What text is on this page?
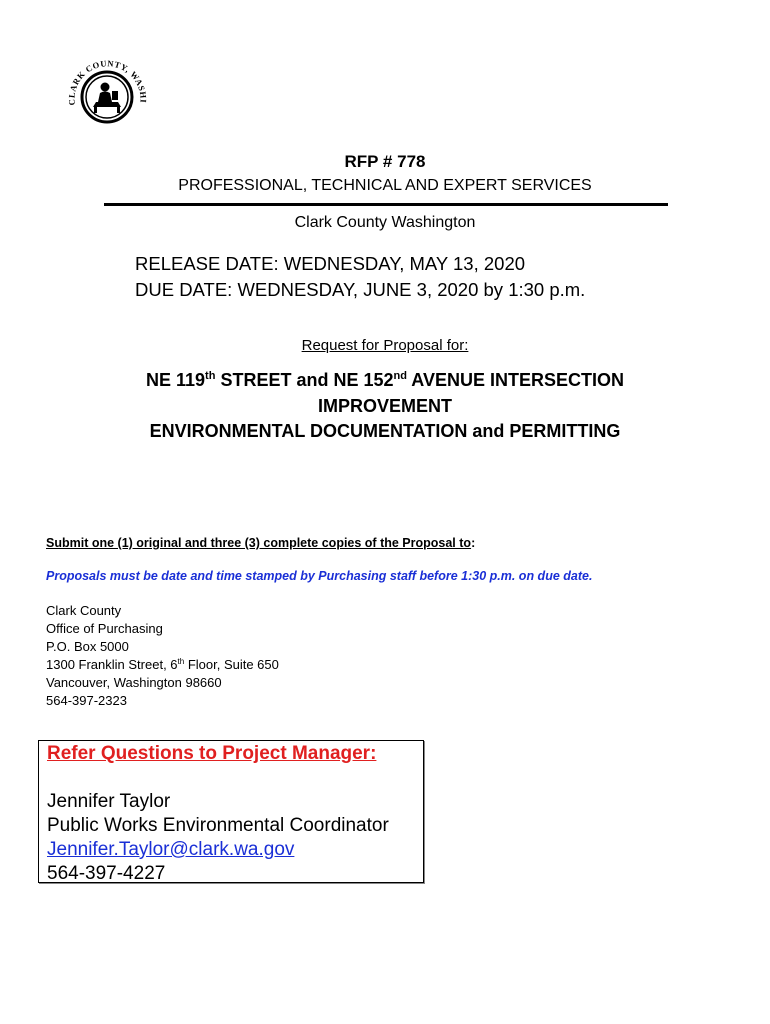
CLARK COUNTY, WASHI
RFP # 778
PROFESSIONAL, TECHNICAL AND EXPERT SERVICES
Clark County Washington
RELEASE DATE: WEDNESDAY, MAY 13, 2020
DUE DATE: WEDNESDAY, JUNE 3, 2020 by 1:30 p.m.
Request for Proposal for:
NE 119th STREET and NE 152nd AVENUE INTERSECTION
IMPROVEMENT
ENVIRONMENTAL DOCUMENTATION and PERMITTING
Submit one (1) original and three (3) complete copies of the Proposal to:
Proposals must be date and time stamped by Purchasing staff before 1:30 p.m. on due date.
Clark County
Office of Purchasing
P.O. Box 5000
1300 Franklin Street, 6th Floor, Suite 650
Vancouver, Washington 98660
564-397-2323
Refer Questions to Project Manager:
Jennifer Taylor
Public Works Environmental Coordinator
Jennifer.Taylor@clark.wa.gov
564-397-4227
